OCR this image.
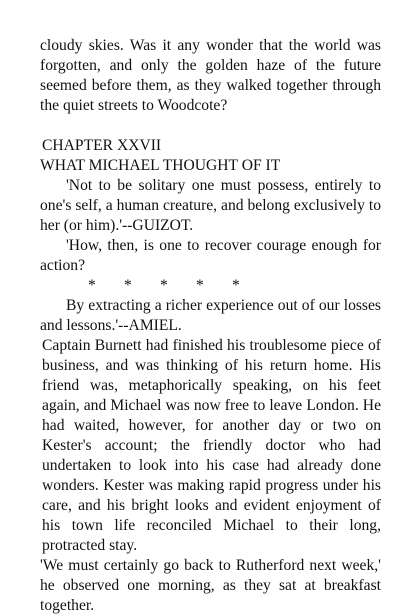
cloudy skies. Was it any wonder that the world was forgotten, and only the golden haze of the future seemed before them, as they walked together through the quiet streets to Woodcote?

CHAPTER XXVII

WHAT MICHAEL THOUGHT OF IT

'Not to be solitary one must possess, entirely to one's self, a human creature, and belong exclusively to her (or him).'--GUIZOT.

'How, then, is one to recover courage enough for action?

* * * * *

By extracting a richer experience out of our losses and lessons.'--AMIEL.

Captain Burnett had finished his troublesome piece of business, and was thinking of his return home. His friend was, metaphorically speaking, on his feet again, and Michael was now free to leave London. He had waited, however, for another day or two on Kester's account; the friendly doctor who had undertaken to look into his case had already done wonders. Kester was making rapid progress under his care, and his bright looks and evident enjoyment of his town life reconciled Michael to their long, protracted stay.

'We must certainly go back to Rutherford next week,' he observed one morning, as they sat at breakfast together.
